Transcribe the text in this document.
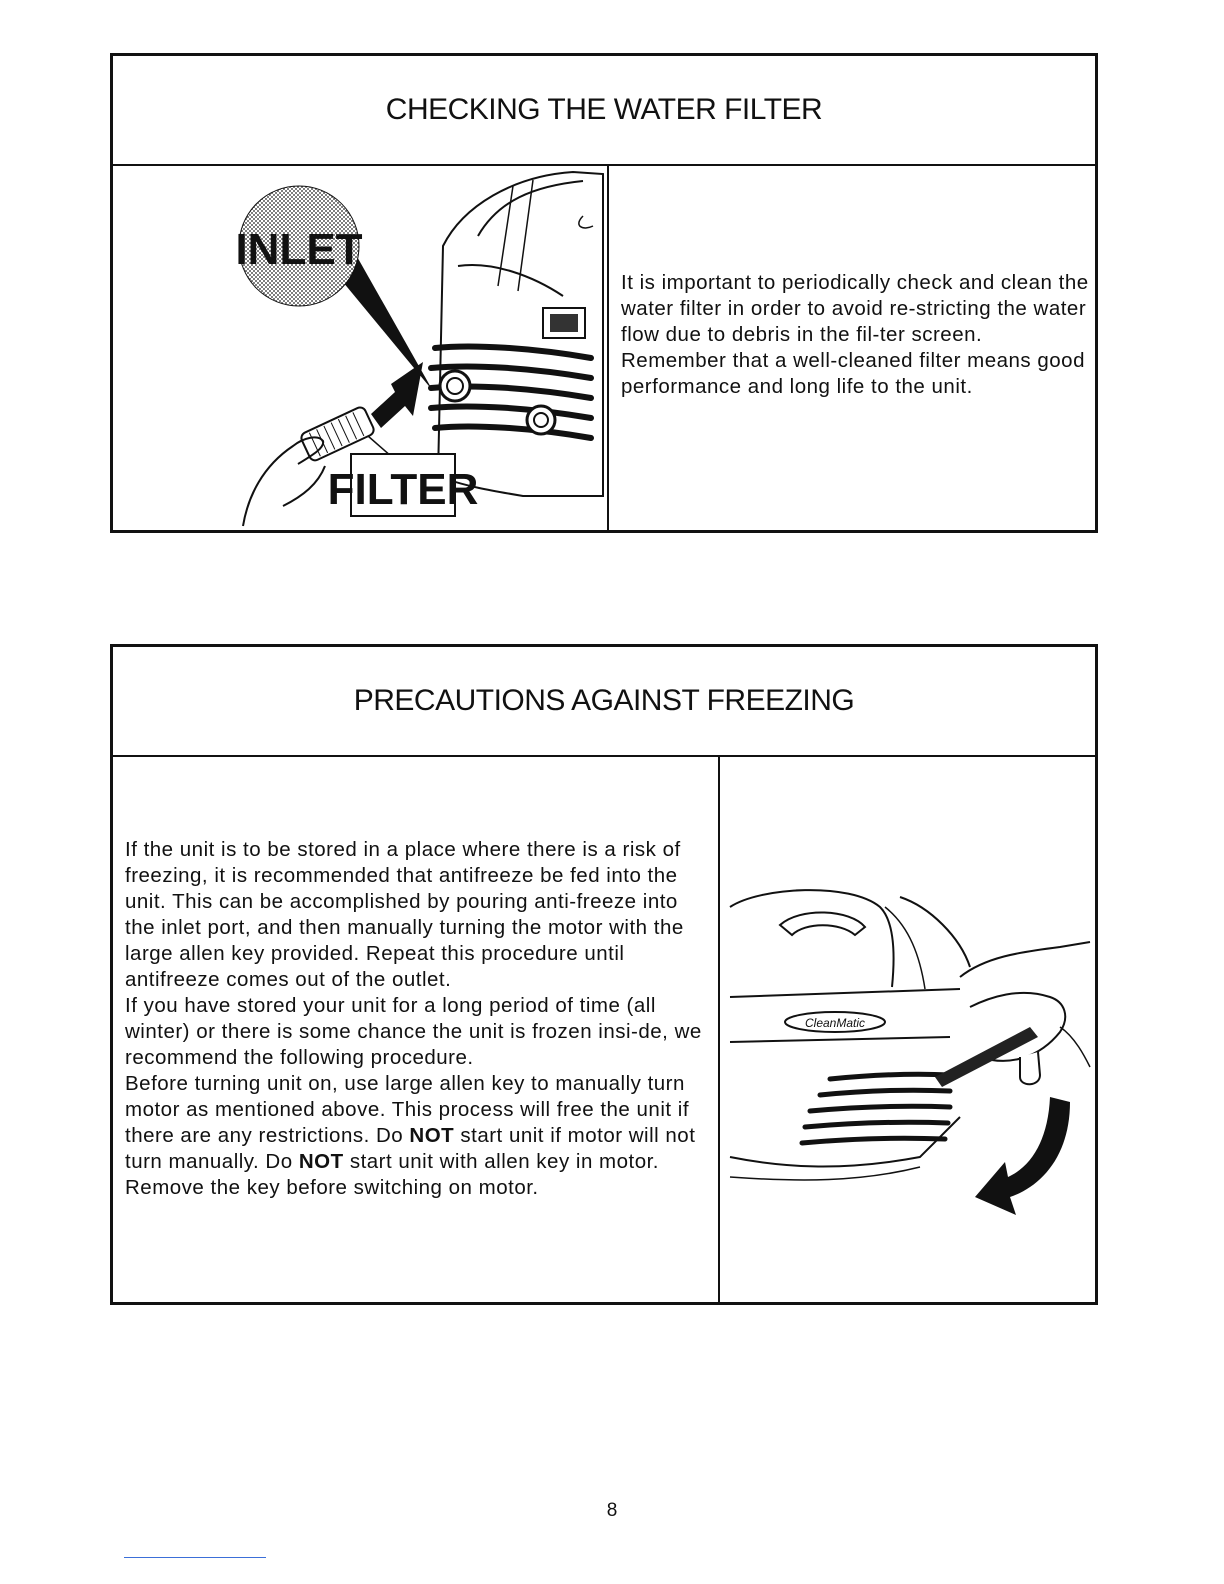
CHECKING THE WATER FILTER
INLET
FILTER

It is important to periodically check and clean the water filter in order to avoid re-stricting the water flow due to debris in the fil-ter screen.

Remember that a well-cleaned filter means good performance and long life to the unit.

PRECAUTIONS AGAINST FREEZING

If the unit is to be stored in a place where there is a risk of freezing, it is recommended that antifreeze be fed into the unit. This can be accomplished by pouring anti-freeze into the inlet port, and then manually turning the motor with the large allen key provided. Repeat this procedure until antifreeze comes out of the outlet.

If you have stored your unit for a long period of time (all winter) or there is some chance the unit is frozen insi-de, we recommend the following procedure.

Before turning unit on, use large allen key to manually turn motor as mentioned above. This process will free the unit if there are any restrictions. Do NOT start unit if motor will not turn manually. Do NOT start unit with allen key in motor.

Remove the key before switching on motor.

CleanMatic
8
